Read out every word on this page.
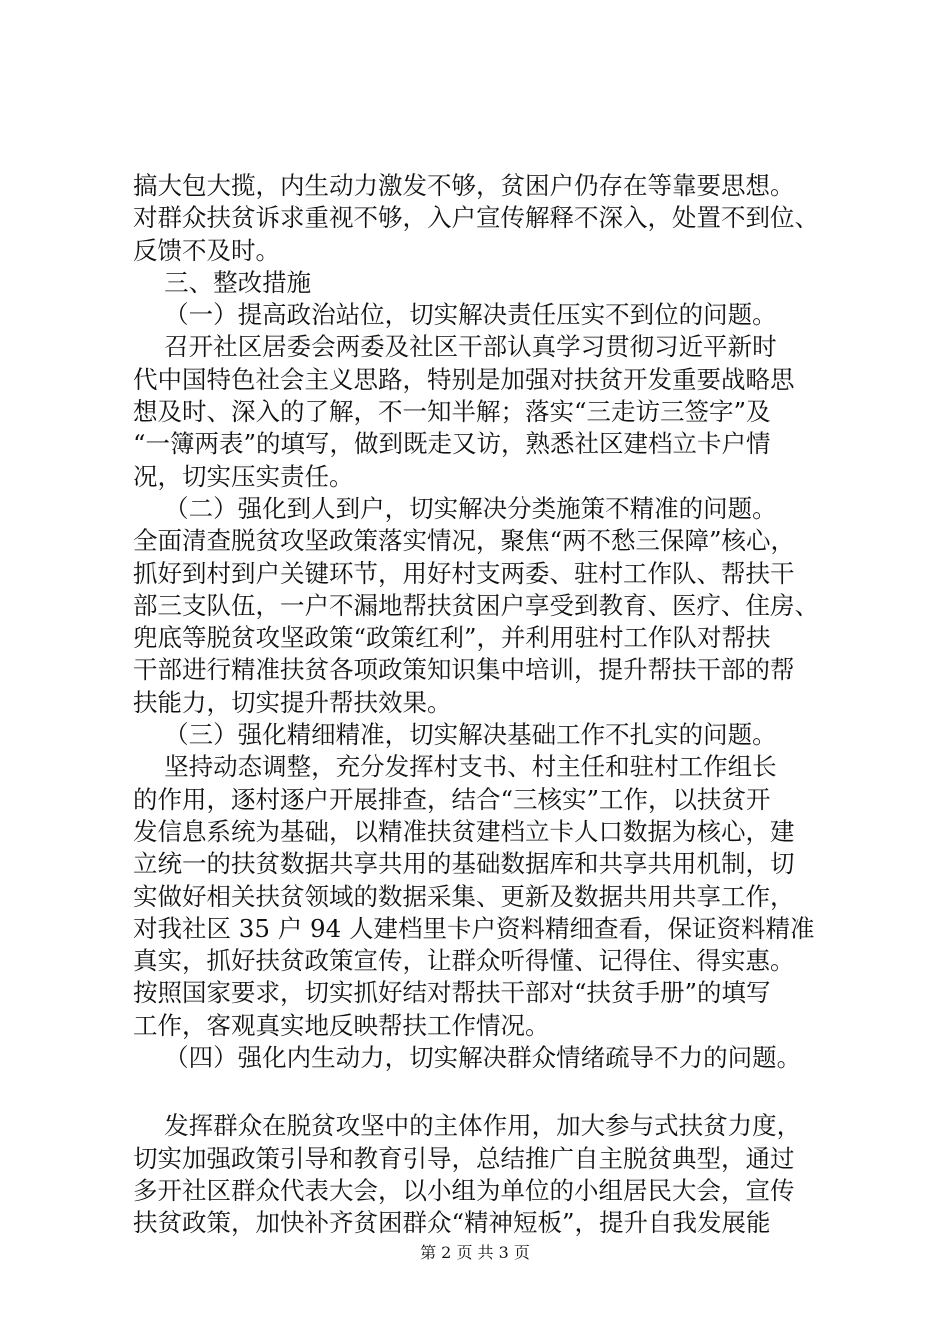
搞大包大揽，内生动力激发不够，贫困户仍存在等靠要思想。
对群众扶贫诉求重视不够，入户宣传解释不深入，处置不到位、
反馈不及时。
三、整改措施
（一）提高政治站位，切实解决责任压实不到位的问题。
召开社区居委会两委及社区干部认真学习贯彻习近平新时
代中国特色社会主义思路，特别是加强对扶贫开发重要战略思
想及时、深入的了解，不一知半解；落实“三走访三签字”及
“一簿两表”的填写，做到既走又访，熟悉社区建档立卡户情
况，切实压实责任。
（二）强化到人到户，切实解决分类施策不精准的问题。
全面清查脱贫攻坚政策落实情况，聚焦“两不愁三保障”核心，
抓好到村到户关键环节，用好村支两委、驻村工作队、帮扶干
部三支队伍，一户不漏地帮扶贫困户享受到教育、医疗、住房、
兜底等脱贫攻坚政策“政策红利”，并利用驻村工作队对帮扶
干部进行精准扶贫各项政策知识集中培训，提升帮扶干部的帮
扶能力，切实提升帮扶效果。
（三）强化精细精准，切实解决基础工作不扎实的问题。
坚持动态调整，充分发挥村支书、村主任和驻村工作组长
的作用，逐村逐户开展排查，结合“三核实”工作，以扶贫开
发信息系统为基础，以精准扶贫建档立卡人口数据为核心，建
立统一的扶贫数据共享共用的基础数据库和共享共用机制，切
实做好相关扶贫领域的数据采集、更新及数据共用共享工作，
对我社区 35 户 94 人建档里卡户资料精细查看，保证资料精准
真实，抓好扶贫政策宣传，让群众听得懂、记得住、得实惠。
按照国家要求，切实抓好结对帮扶干部对“扶贫手册”的填写
工作，客观真实地反映帮扶工作情况。
（四）强化内生动力，切实解决群众情绪疏导不力的问题。
发挥群众在脱贫攻坚中的主体作用，加大参与式扶贫力度，
切实加强政策引导和教育引导，总结推广自主脱贫典型，通过
多开社区群众代表大会，以小组为单位的小组居民大会，宣传
扶贫政策，加快补齐贫困群众“精神短板”，提升自我发展能
第 2 页 共 3 页
